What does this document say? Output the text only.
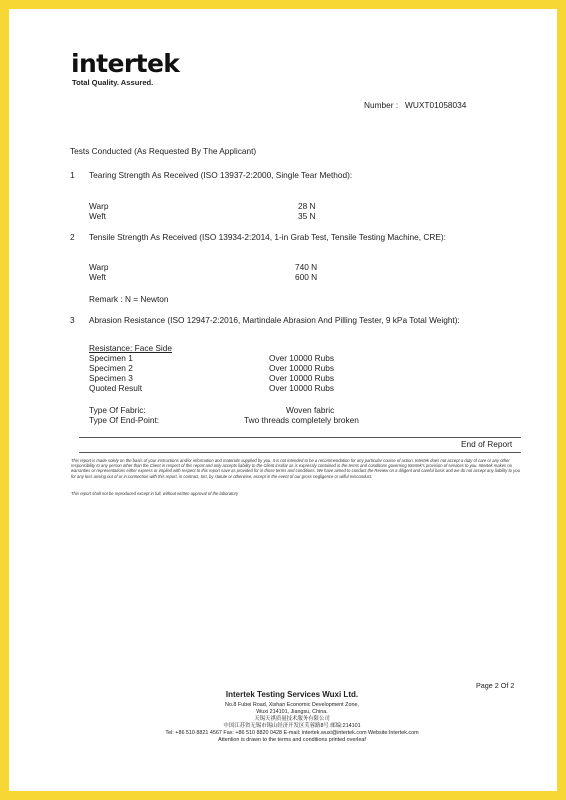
intertek
Total Quality. Assured.
Number : WUXT01058034
Tests Conducted (As Requested By The Applicant)
1 Tearing Strength As Received (ISO 13937-2:2000, Single Tear Method):
Warp	28 N
Weft	35 N
2 Tensile Strength As Received (ISO 13934-2:2014, 1-in Grab Test, Tensile Testing Machine, CRE):
Warp	740 N
Weft	600 N
Remark : N = Newton
3 Abrasion Resistance (ISO 12947-2:2016, Martindale Abrasion And Pilling Tester, 9 kPa Total Weight):
Resistance: Face Side
Specimen 1	Over 10000 Rubs
Specimen 2	Over 10000 Rubs
Specimen 3	Over 10000 Rubs
Quoted Result	Over 10000 Rubs
Type Of Fabric:	Woven fabric
Type Of End-Point:	Two threads completely broken
End of Report
This report is made solely on the basis of your instructions and/or information and materials supplied by you. It is not intended to be a recommendation for any particular course of action. Intertek does not accept a duty of care or any other responsibility to any person other than the Client in respect of this report and only accepts liability to the Client insofar as is expressly contained in the terms and conditions governing Intertek's provision of services to you. Intertek makes no warranties or representations either express or implied with respect to this report save as provided for in those terms and conditions. We have aimed to conduct the Review on a diligent and careful basis and we do not accept any liability to you for any loss arising out of or in connection with this report, in contract, tort, by statute or otherwise, except in the event of our gross negligence or wilful misconduct.
This report shall not be reproduced except in full, without written approval of the laboratory
Page 2 Of 2
Intertek Testing Services Wuxi Ltd.
No.8 Fubei Road, Xishan Economic Development Zone,
Wuxi 214101, Jiangsu, China.
天锡天祺质量技术服务有限公司
中国江苏省无锡市锡山经济开发区芙蓉路8号 邮编:214101
Tel: +86 510 8821 4567 Fax: +86 510 8820 0428 E-mail: intertek.wuxi@intertek.com Website:Intertek.com
Attention is drawn to the terms and conditions printed overleaf
